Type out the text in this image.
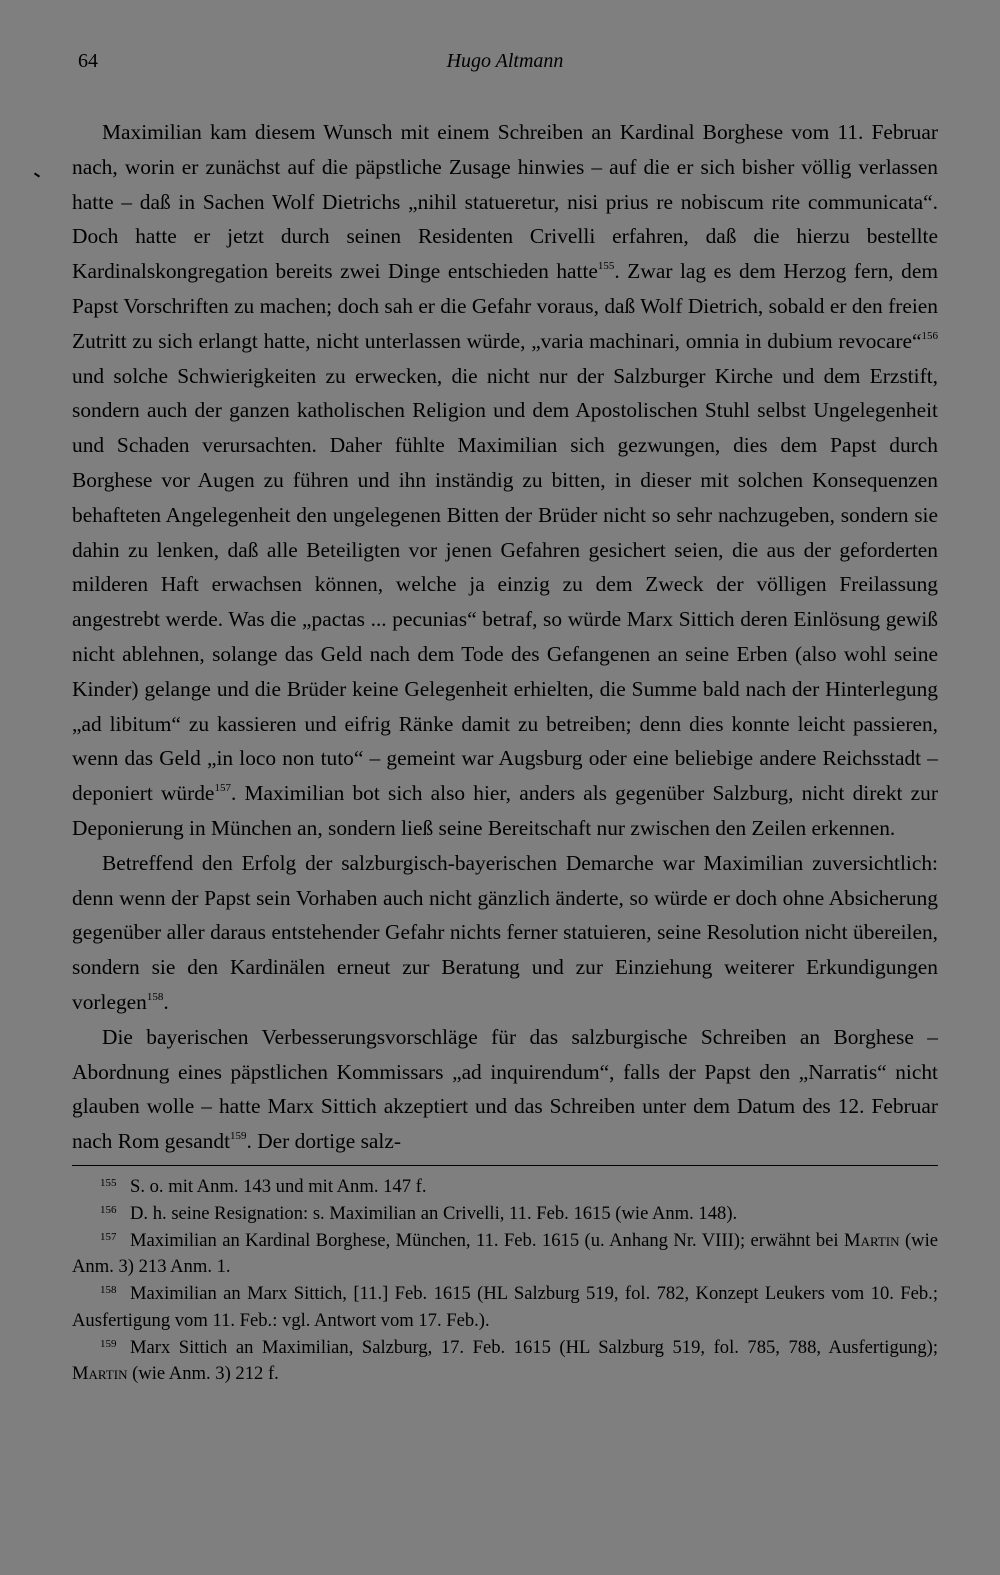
64	Hugo Altmann

Maximilian kam diesem Wunsch mit einem Schreiben an Kardinal Borghese vom 11. Februar nach, worin er zunächst auf die päpstliche Zusage hinwies – auf die er sich bisher völlig verlassen hatte – daß in Sachen Wolf Dietrichs „nihil statueretur, nisi prius re nobiscum rite communicata“. Doch hatte er jetzt durch seinen Residenten Crivelli erfahren, daß die hierzu bestellte Kardinalskongregation bereits zwei Dinge entschieden hatte$^{155}$. Zwar lag es dem Herzog fern, dem Papst Vorschriften zu machen; doch sah er die Gefahr voraus, daß Wolf Dietrich, sobald er den freien Zutritt zu sich erlangt hatte, nicht unterlassen würde, „varia machinari, omnia in dubium revocare“$^{156}$ und solche Schwierigkeiten zu erwecken, die nicht nur der Salzburger Kirche und dem Erzstift, sondern auch der ganzen katholischen Religion und dem Apostolischen Stuhl selbst Ungelegenheit und Schaden verursachten. Daher fühlte Maximilian sich gezwungen, dies dem Papst durch Borghese vor Augen zu führen und ihn inständig zu bitten, in dieser mit solchen Konsequenzen behafteten Angelegenheit den ungelegenen Bitten der Brüder nicht so sehr nachzugeben, sondern sie dahin zu lenken, daß alle Beteiligten vor jenen Gefahren gesichert seien, die aus der geforderten milderen Haft erwachsen können, welche ja einzig zu dem Zweck der völligen Freilassung angestrebt werde. Was die „pactas ... pecunias“ betraf, so würde Marx Sittich deren Einlösung gewiß nicht ablehnen, solange das Geld nach dem Tode des Gefangenen an seine Erben (also wohl seine Kinder) gelange und die Brüder keine Gelegenheit erhielten, die Summe bald nach der Hinterlegung „ad libitum“ zu kassieren und eifrig Ränke damit zu betreiben; denn dies konnte leicht passieren, wenn das Geld „in loco non tuto“ – gemeint war Augsburg oder eine beliebige andere Reichsstadt – deponiert würde$^{157}$. Maximilian bot sich also hier, anders als gegenüber Salzburg, nicht direkt zur Deponierung in München an, sondern ließ seine Bereitschaft nur zwischen den Zeilen erkennen.

Betreffend den Erfolg der salzburgisch-bayerischen Demarche war Maximilian zuversichtlich: denn wenn der Papst sein Vorhaben auch nicht gänzlich änderte, so würde er doch ohne Absicherung gegenüber aller daraus entstehender Gefahr nichts ferner statuieren, seine Resolution nicht übereilen, sondern sie den Kardinälen erneut zur Beratung und zur Einziehung weiterer Erkundigungen vorlegen$^{158}$.

Die bayerischen Verbesserungsvorschläge für das salzburgische Schreiben an Borghese – Abordnung eines päpstlichen Kommissars „ad inquirendum“, falls der Papst den „Narratis“ nicht glauben wolle – hatte Marx Sittich akzeptiert und das Schreiben unter dem Datum des 12. Februar nach Rom gesandt$^{159}$. Der dortige salz-

155 S. o. mit Anm. 143 und mit Anm. 147 f.

156 D. h. seine Resignation: s. Maximilian an Crivelli, 11. Feb. 1615 (wie Anm. 148).

157 Maximilian an Kardinal Borghese, München, 11. Feb. 1615 (u. Anhang Nr. VIII); erwähnt bei Martin (wie Anm. 3) 213 Anm. 1.

158 Maximilian an Marx Sittich, [11.] Feb. 1615 (HL Salzburg 519, fol. 782, Konzept Leukers vom 10. Feb.; Ausfertigung vom 11. Feb.: vgl. Antwort vom 17. Feb.).

159 Marx Sittich an Maximilian, Salzburg, 17. Feb. 1615 (HL Salzburg 519, fol. 785, 788, Ausfertigung); Martin (wie Anm. 3) 212 f.
